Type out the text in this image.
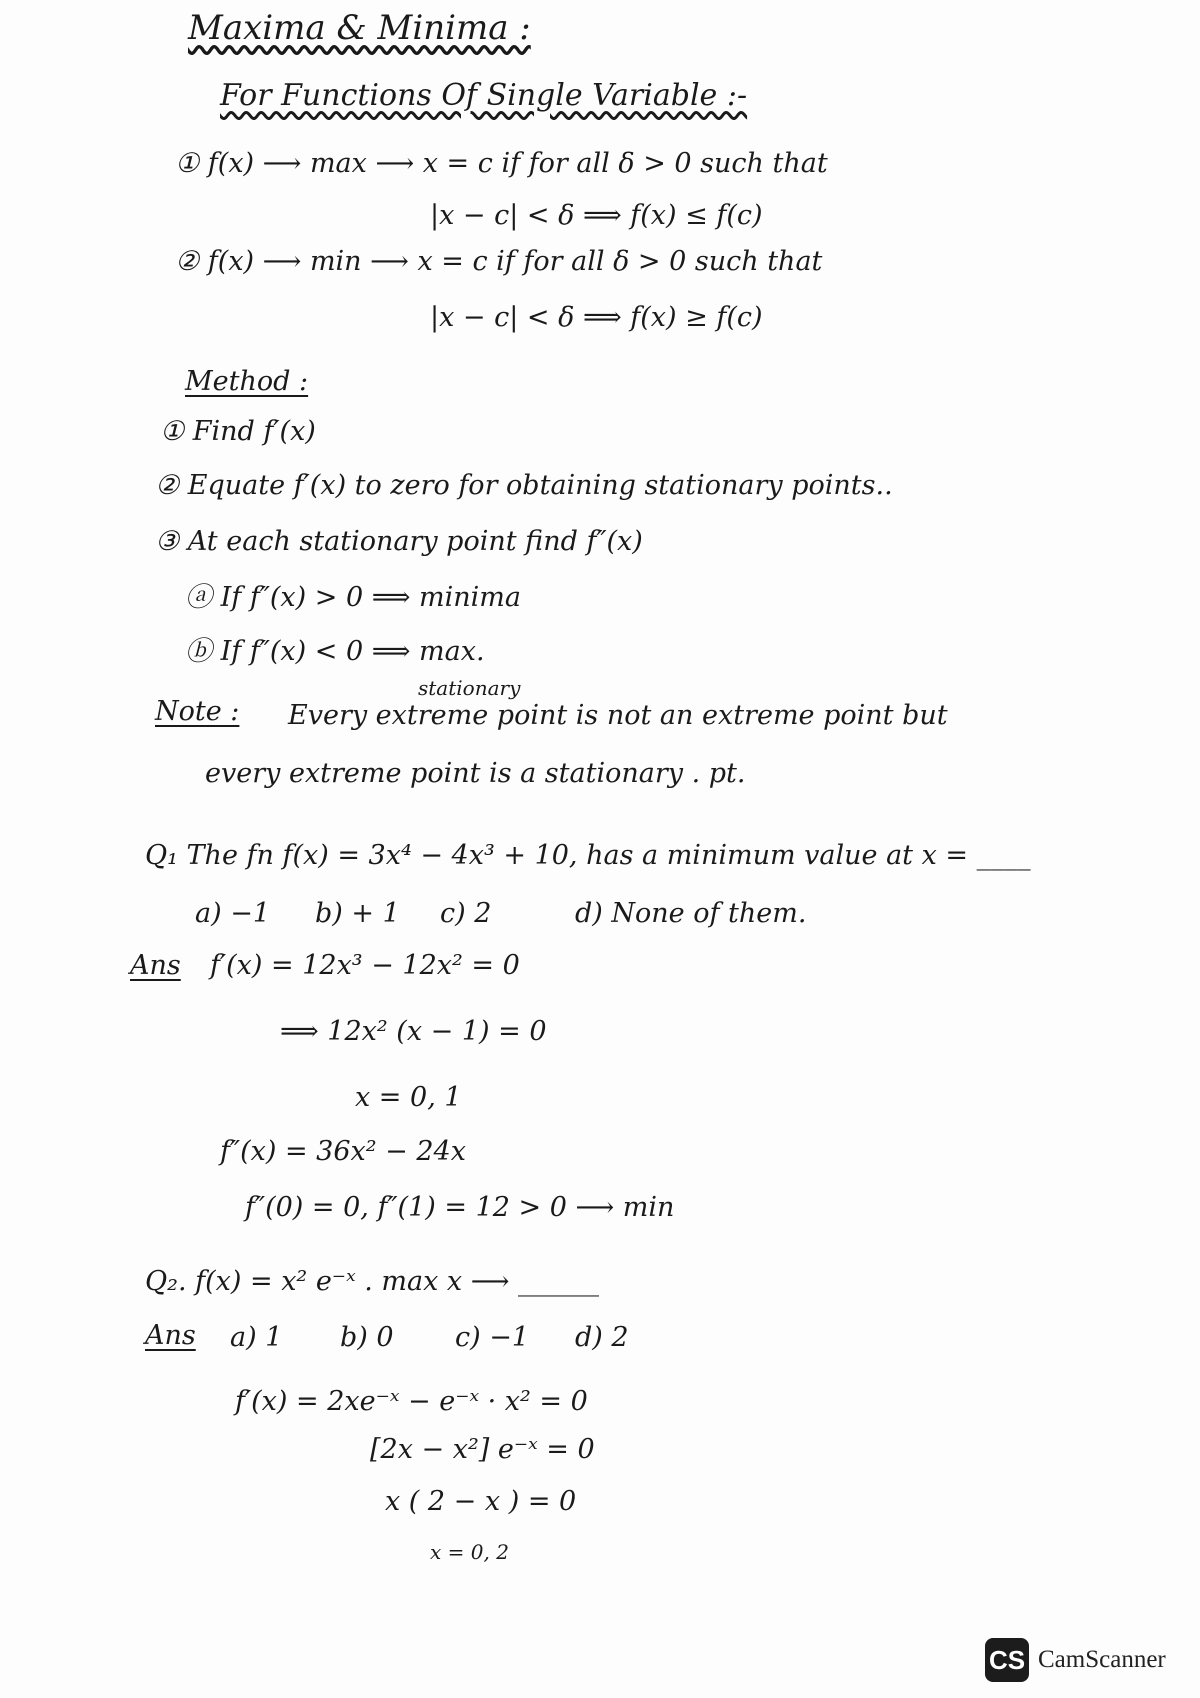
Maxima & Minima :
For Functions Of Single Variable :-
① f(x) ⟶ max ⟶ x = c if for all δ > 0 such that
|x − c| < δ ⟹ f(x) ≤ f(c)
② f(x) ⟶ min ⟶ x = c if for all δ > 0 such that
|x − c| < δ ⟹ f(x) ≥ f(c)
Method :
① Find f′(x)
② Equate f′(x) to zero for obtaining stationary points..
③ At each stationary point find f″(x)
ⓐ If f″(x) > 0 ⟹ minima
ⓑ If f″(x) < 0 ⟹ max.
stationary
Note : Every extreme point is not an extreme point but
every extreme point is a stationary . pt.
Q₁ The fn f(x) = 3x⁴ − 4x³ + 10, has a minimum value at x = ____
a) −1 b) + 1 c) 2	d) None of them.
Ans f′(x) = 12x³ − 12x² = 0
⟹ 12x² (x − 1) = 0
x = 0, 1
f″(x) = 36x² − 24x
f″(0) = 0, f″(1) = 12 > 0 ⟶ min
Q₂. f(x) = x² e⁻ˣ . max x ⟶ ______
Ans a) 1 b) 0 c) −1 d) 2
f′(x) = 2xe⁻ˣ − e⁻ˣ · x² = 0
[2x − x²] e⁻ˣ = 0
x ( 2 − x ) = 0
x = 0, 2
CS CamScanner
